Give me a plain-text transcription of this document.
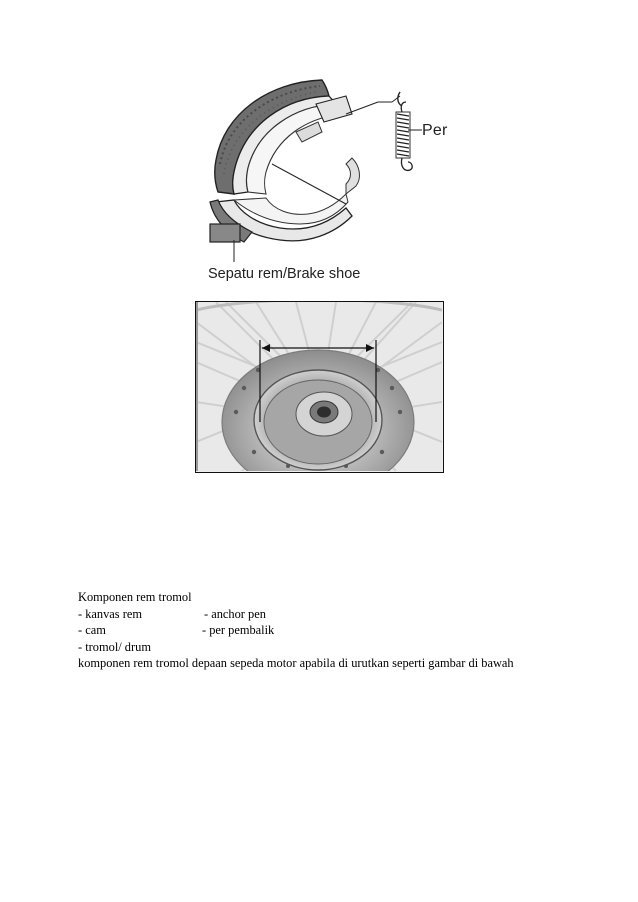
Per
Sepatu rem/Brake shoe
Komponen rem tromol
- kanvas rem	- anchor pen
- cam	- per pembalik
- tromol/ drum
komponen rem tromol depaan sepeda motor apabila di urutkan seperti gambar di bawah
